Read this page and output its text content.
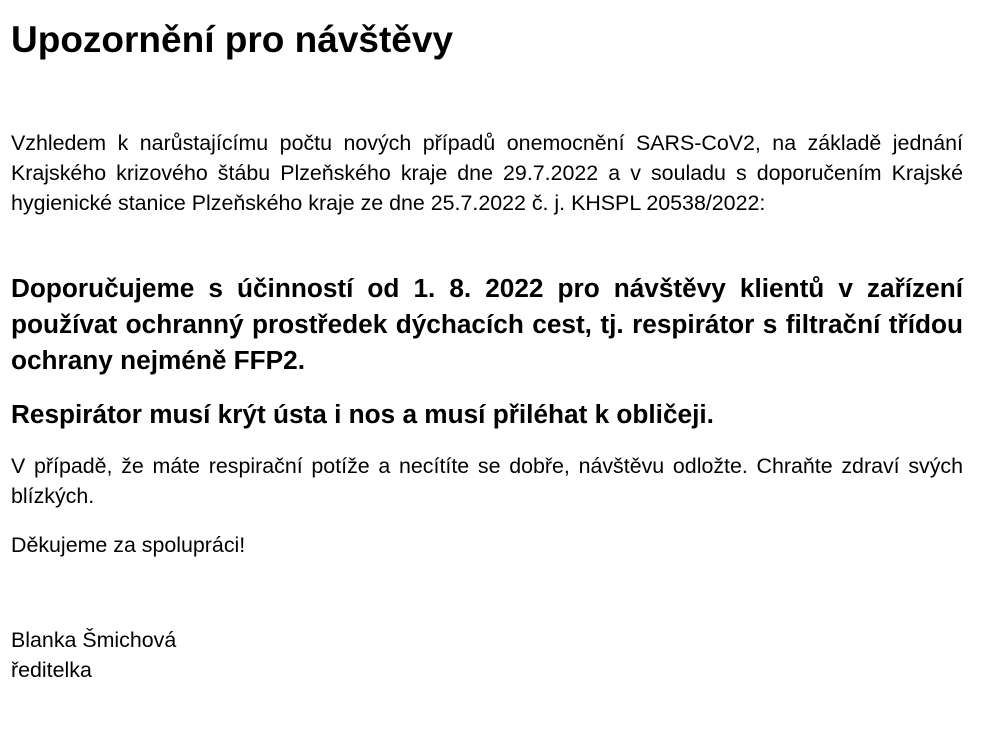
Upozornění pro návštěvy

Vzhledem k narůstajícímu počtu nových případů onemocnění SARS-CoV2, na základě jednání Krajského krizového štábu Plzeňského kraje dne 29.7.2022 a v souladu s doporučením Krajské hygienické stanice Plzeňského kraje ze dne 25.7.2022 č. j. KHSPL 20538/2022:

Doporučujeme s účinností od 1. 8. 2022 pro návštěvy klientů v zařízení používat ochranný prostředek dýchacích cest, tj. respirátor s filtrační třídou ochrany nejméně FFP2.

Respirátor musí krýt ústa i nos a musí přiléhat k obličeji.

V případě, že máte respirační potíže a necítíte se dobře, návštěvu odložte. Chraňte zdraví svých blízkých.

Děkujeme za spolupráci!

Blanka Šmichová
ředitelka
